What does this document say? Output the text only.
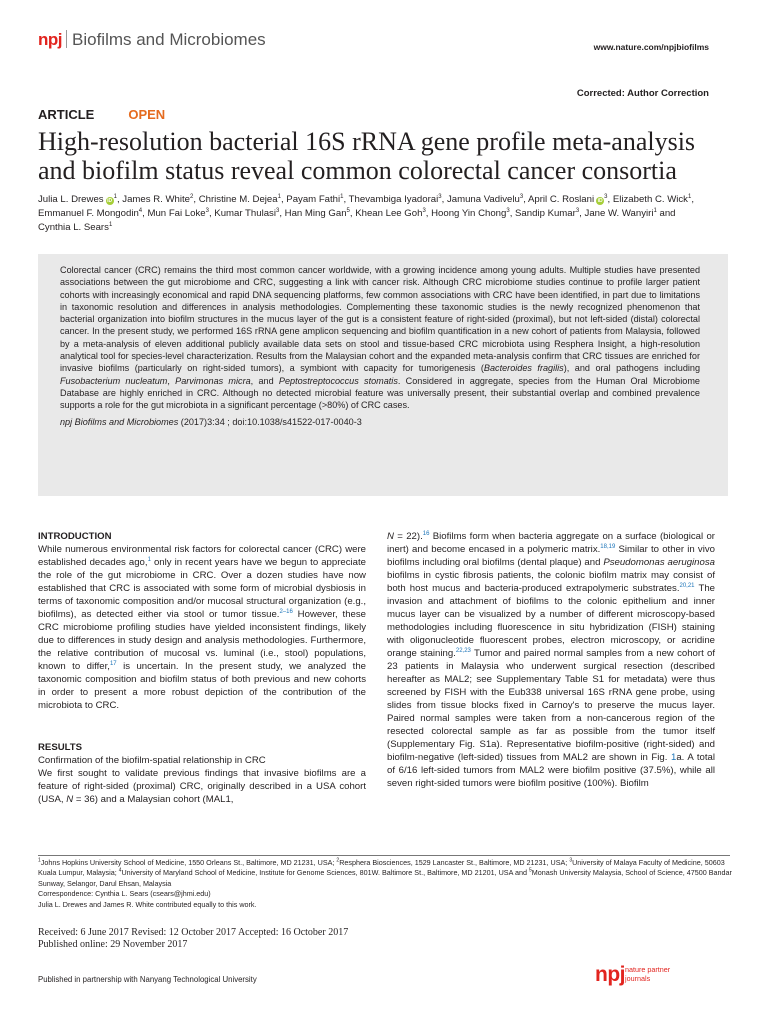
npj Biofilms and Microbiomes	www.nature.com/npjbiofilms
Corrected: Author Correction
ARTICLE	OPEN
High-resolution bacterial 16S rRNA gene profile meta-analysis and biofilm status reveal common colorectal cancer consortia
Julia L. Drewes $iD^1$, James R. White$^2$, Christine M. Dejea$^1$, Payam Fathi$^1$, Thevambiga Iyadorai$^3$, Jamuna Vadivelu$^3$, April C. Roslani $iD^3$, Elizabeth C. Wick$^1$, Emmanuel F. Mongodin$^4$, Mun Fai Loke$^3$, Kumar Thulasi$^3$, Han Ming Gan$^5$, Khean Lee Goh$^3$, Hoong Yin Chong$^3$, Sandip Kumar$^3$, Jane W. Wanyiri$^1$ and Cynthia L. Sears$^1$

Colorectal cancer (CRC) remains the third most common cancer worldwide, with a growing incidence among young adults. Multiple studies have presented associations between the gut microbiome and CRC, suggesting a link with cancer risk. Although CRC microbiome studies continue to profile larger patient cohorts with increasingly economical and rapid DNA sequencing platforms, few common associations with CRC have been identified, in part due to limitations in taxonomic resolution and differences in analysis methodologies. Complementing these taxonomic studies is the newly recognized phenomenon that bacterial organization into biofilm structures in the mucus layer of the gut is a consistent feature of right-sided (proximal), but not left-sided (distal) colorectal cancer. In the present study, we performed 16S rRNA gene amplicon sequencing and biofilm quantification in a new cohort of patients from Malaysia, followed by a meta-analysis of eleven additional publicly available data sets on stool and tissue-based CRC microbiota using Resphera Insight, a high-resolution analytical tool for species-level characterization. Results from the Malaysian cohort and the expanded meta-analysis confirm that CRC tissues are enriched for invasive biofilms (particularly on right-sided tumors), a symbiont with capacity for tumorigenesis (Bacteroides fragilis), and oral pathogens including Fusobacterium nucleatum, Parvimonas micra, and Peptostreptococcus stomatis. Considered in aggregate, species from the Human Oral Microbiome Database are highly enriched in CRC. Although no detected microbial feature was universally present, their substantial overlap and combined prevalence supports a role for the gut microbiota in a significant percentage (>80%) of CRC cases.

npj Biofilms and Microbiomes (2017)3:34 ; doi:10.1038/s41522-017-0040-3

INTRODUCTION

While numerous environmental risk factors for colorectal cancer (CRC) were established decades ago,$^1$ only in recent years have we begun to appreciate the role of the gut microbiome in CRC. Over a dozen studies have now established that CRC is associated with some form of microbial dysbiosis in terms of taxonomic composition and/or mucosal structural organization (e.g., biofilms), as detected either via stool or tumor tissue.$^{2-16}$ However, these CRC microbiome profiling studies have yielded inconsistent findings, likely due to differences in study design and analysis methodologies. Furthermore, the relative contribution of mucosal vs. luminal (i.e., stool) populations, known to differ,$^{17}$ is uncertain. In the present study, we analyzed the taxonomic composition and biofilm status of both previous and new cohorts in order to present a more robust depiction of the contribution of the microbiota to CRC.

RESULTS

Confirmation of the biofilm-spatial relationship in CRC

We first sought to validate previous findings that invasive biofilms are a feature of right-sided (proximal) CRC, originally described in a USA cohort (USA, N = 36) and a Malaysian cohort (MAL1,

N = 22).$^{16}$ Biofilms form when bacteria aggregate on a surface (biological or inert) and become encased in a polymeric matrix.$^{18,19}$ Similar to other in vivo biofilms including oral biofilms (dental plaque) and Pseudomonas aeruginosa biofilms in cystic fibrosis patients, the colonic biofilm matrix may consist of both host mucus and bacteria-produced extrapolymeric substrates.$^{20,21}$ The invasion and attachment of biofilms to the colonic epithelium and inner mucus layer can be visualized by a number of different microscopy-based methodologies including fluorescence in situ hybridization (FISH) staining with oligonucleotide fluorescent probes, electron microscopy, or acridine orange staining.$^{22,23}$ Tumor and paired normal samples from a new cohort of 23 patients in Malaysia who underwent surgical resection (described hereafter as MAL2; see Supplementary Table S1 for metadata) were thus screened by FISH with the Eub338 universal 16S rRNA gene probe, using slides from tissue blocks fixed in Carnoy's to preserve the mucus layer. Paired normal samples were taken from a non-cancerous region of the resected colorectal sample as far as possible from the tumor itself (Supplementary Fig. S1a). Representative biofilm-positive (right-sided) and biofilm-negative (left-sided) tissues from MAL2 are shown in Fig. 1a. A total of 6/16 left-sided tumors from MAL2 were biofilm positive (37.5%), while all seven right-sided tumors were biofilm positive (100%). Biofilm

$^1$Johns Hopkins University School of Medicine, 1550 Orleans St., Baltimore, MD 21231, USA; $^2$Resphera Biosciences, 1529 Lancaster St., Baltimore, MD 21231, USA; $^3$University of Malaya Faculty of Medicine, 50603 Kuala Lumpur, Malaysia; $^4$University of Maryland School of Medicine, Institute for Genome Sciences, 801W. Baltimore St., Baltimore, MD 21201, USA and $^5$Monash University Malaysia, School of Science, 47500 Bandar Sunway, Selangor, Darul Ehsan, Malaysia
Correspondence: Cynthia L. Sears (csears@jhmi.edu)
Julia L. Drewes and James R. White contributed equally to this work.

Received: 6 June 2017 Revised: 12 October 2017 Accepted: 16 October 2017

Published online: 29 November 2017

Published in partnership with Nanyang Technological University	npj nature partner
journals
